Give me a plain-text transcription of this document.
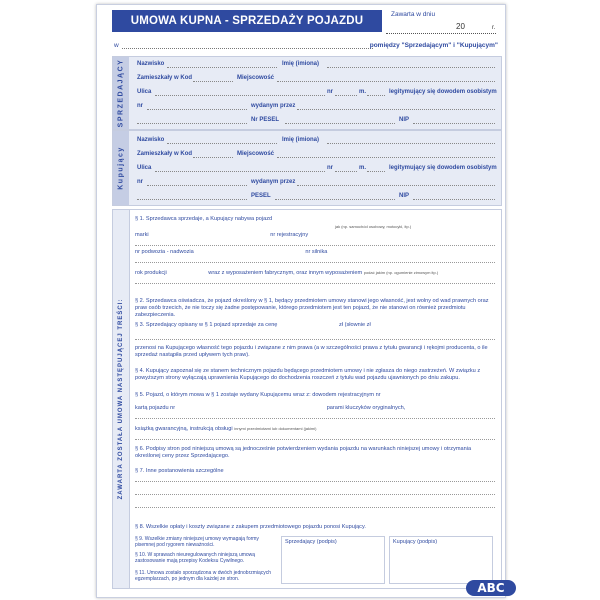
UMOWA KUPNA - SPRZEDAŻY POJAZDU
Zawarta w dniu
20	r.
w	pomiędzy "Sprzedającym" i "Kupującym"
SPRZEDAJĄCY Nazwisko	Imię (imiona)
Zamieszkały w Kod	Miejscowość
Ulica	nr	m.	legitymujący się dowodem osobistym
nr	wydanym przez
Nr PESEL	NIP
Kupujący
Nazwisko	Imię (imiona)
Zamieszkały w Kod	Miejscowość
Ulica	nr	m.	legitymujący się dowodem osobistym
nr	wydanym przez
PESEL	NIP
ZAWARTA ZOSTAŁA UMOWA NASTĘPUJĄCEJ TREŚCI:
§ 1. Sprzedawca sprzedaje, a Kupujący nabywa pojazd
jak (np. samochód osobowy, motocykl, itp.)
marki	nr rejestracyjny
nr podwozia - nadwozia	nr silnika
rok produkcji	wraz z wyposażeniem fabrycznym, oraz innym wyposażeniem podać jakim (np. ogumienie zimowym itp.)
§ 2. Sprzedawca oświadcza, że pojazd określony w § 1, będący przedmiotem umowy stanowi jego własność, jest wolny od wad prawnych oraz praw osób trzecich, że nie toczy się żadne postępowanie, którego przedmiotem jest ten pojazd, że nie stanowi on również przedmiotu zabezpieczenia.
§ 3. Sprzedający opisany w § 1 pojazd sprzedaje za cenę	zł (słownie zł
przenosi na Kupującego własność tego pojazdu i związane z nim prawa (a w szczególności prawa z tytułu gwarancji i rękojmi producenta, o ile sprzedaż nastąpiła przed upływem tych praw).
§ 4. Kupujący zapoznał się ze stanem technicznym pojazdu będącego przedmiotem umowy i nie zgłasza do niego zastrzeżeń. W związku z powyższym strony wyłączają uprawnienia Kupującego do dochodzenia roszczeń z tytułu wad pojazdu ujawnionych po dniu zakupu.
§ 5. Pojazd, o którym mowa w § 1 zostaje wydany Kupującemu wraz z: dowodem rejestracyjnym nr
kartą pojazdu nr	parami kluczyków oryginalnych,
książką gwarancyjną, instrukcją obsługi innymi przedmiotami lub dokumentami (jakimi)
§ 6. Podpisy stron pod niniejszą umową są jednocześnie potwierdzeniem wydania pojazdu na warunkach niniejszej umowy i otrzymania określonej ceny przez Sprzedającego.
§ 7. Inne postanowienia szczególne
§ 8. Wszelkie opłaty i koszty związane z zakupem przedmiotowego pojazdu ponosi Kupujący.
§ 9. Wszelkie zmiany niniejszej umowy wymagają formy pisemnej pod rygorem nieważności.
§ 10. W sprawach nieuregulowanych niniejszą umową zastosowanie mają przepisy Kodeksu Cywilnego.
§ 11. Umowa zostało sporządzona w dwóch jednobrzmiących egzemplarzach, po jednym dla każdej ze stron.
Sprzedający (podpis)	Kupujący (podpis)
ABC
